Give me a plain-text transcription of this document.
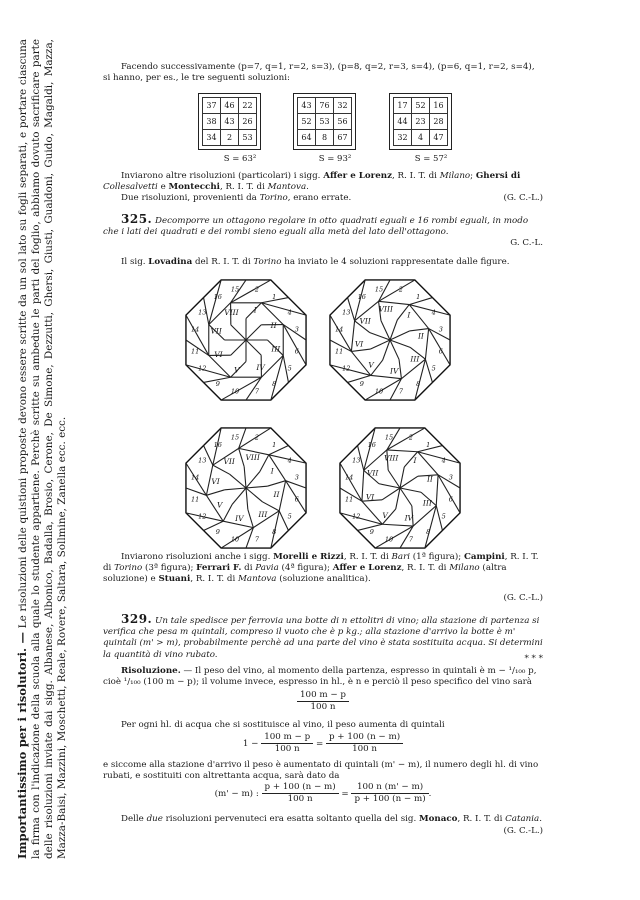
Importantissimo per i risolutori. — Le risoluzioni delle quistioni proposte devono essere scritte da un sol lato su fogli separati, e portare ciascuna la firma con l'indicazione della scuola alla quale lo studente appartiene. Perchè scritte su ambedue le parti del foglio, abbiamo dovuto sacrificare parte delle risoluzioni inviate dai sigg. Albanese, Albonico, Badalla, Brosio, Cerone, De Simone, Dezzutti, Ghersi, Giusti, Gualdoni, Guido, Magaldi, Mazza, Mazza-Baisi, Mazzini, Moschetti, Reale, Rovere, Saltara, Sollmine, Zanella ecc. ecc.

Facendo successivamente (p=7, q=1, r=2, s=3), (p=8, q=2, r=3, s=4), (p=6, q=1, r=2, s=4), si hanno, per es., le tre seguenti soluzioni:
37	46	22
38	43	26
34	2	53
S = 63²
43	76	32
52	53	56
64	8	67
S = 93²
17	52	16
44	23	28
32	4	47
S = 57²
Inviarono altre risoluzioni (particolari) i sigg. Affer e Lorenz, R. I. T. di Milano; Ghersi di Collesalvetti e Montecchi, R. I. T. di Mantova.
Due risoluzioni, provenienti da Torino, erano errate.	(G. C.-L.)
325. Decomporre un ottagono regolare in otto quadrati eguali e 16 rombi eguali, in modo che i lati dei quadrati e dei rombi sieno eguali alla metà del lato dell'ottagono.
G. C.-L.
Il sig. Lovadina del R. I. T. di Torino ha inviato le 4 soluzioni rappresentate dalle figure.
Inviarono risoluzioni anche i sigg. Morelli e Rizzi, R. I. T. di Bari (1ª figura); Campini, R. I. T. di Torino (3ª figura); Ferrari F. di Pavia (4ª figura); Affer e Lorenz, R. I. T. di Milano (altra soluzione) e Stuani, R. I. T. di Mantova (soluzione analitica).
(G. C.-L.)
329. Un tale spedisce per ferrovia una botte di n ettolitri di vino; alla stazione di partenza si verifica che pesa m quintali, compreso il vuoto che è p kg.; alla stazione d'arrivo la botte è m' quintali (m' > m), probabilmente perchè ad una parte del vino è stata sostituita acqua. Si determini la quantità di vino rubato.	* * *
Risoluzione. — Il peso del vino, al momento della partenza, espresso in quintali è m − ¹/₁₀₀ p, cioè ¹/₁₀₀ (100 m − p); il volume invece, espresso in hl., è n e perciò il peso specifico del vino sarà
$\frac{100 m - p}{100 n}$
Per ogni hl. di acqua che si sostituisce al vino, il peso aumenta di quintali
$1 - \frac{100 m - p}{100 n} = \frac{p + 100 (n - m)}{100 n}$
e siccome alla stazione d'arrivo il peso è aumentato di quintali (m' − m), il numero degli hl. di vino rubati, e sostituiti con altrettanta acqua, sarà dato da
(m' − m) : $\frac{p + 100 (n - m)}{100 n} = \frac{100 n (m' - m)}{p + 100 (n - m)}$ .
Delle due risoluzioni pervenuteci era esatta soltanto quella del sig. Monaco, R. I. T. di Catania.
(G. C.-L.)
1
2
3
4
5
6
7
8
9
10
11
12
13
14
15
16
I
II
III
IV
V
VI
VII
VIII
1
2
3
4
5
6
7
8
9
10
11
12
13
14
15
16
I
II
III
IV
V
VI
VII
VIII
1
2
3
4
5
6
7
8
9
10
11
12
13
14
15
16
I
II
III
IV
V
VI
VII VIII
1
2
3
4
5
6
7
8
9
10
11
12
13
14
15
16
I
II
III
IV
V
VI
VII
VIII
